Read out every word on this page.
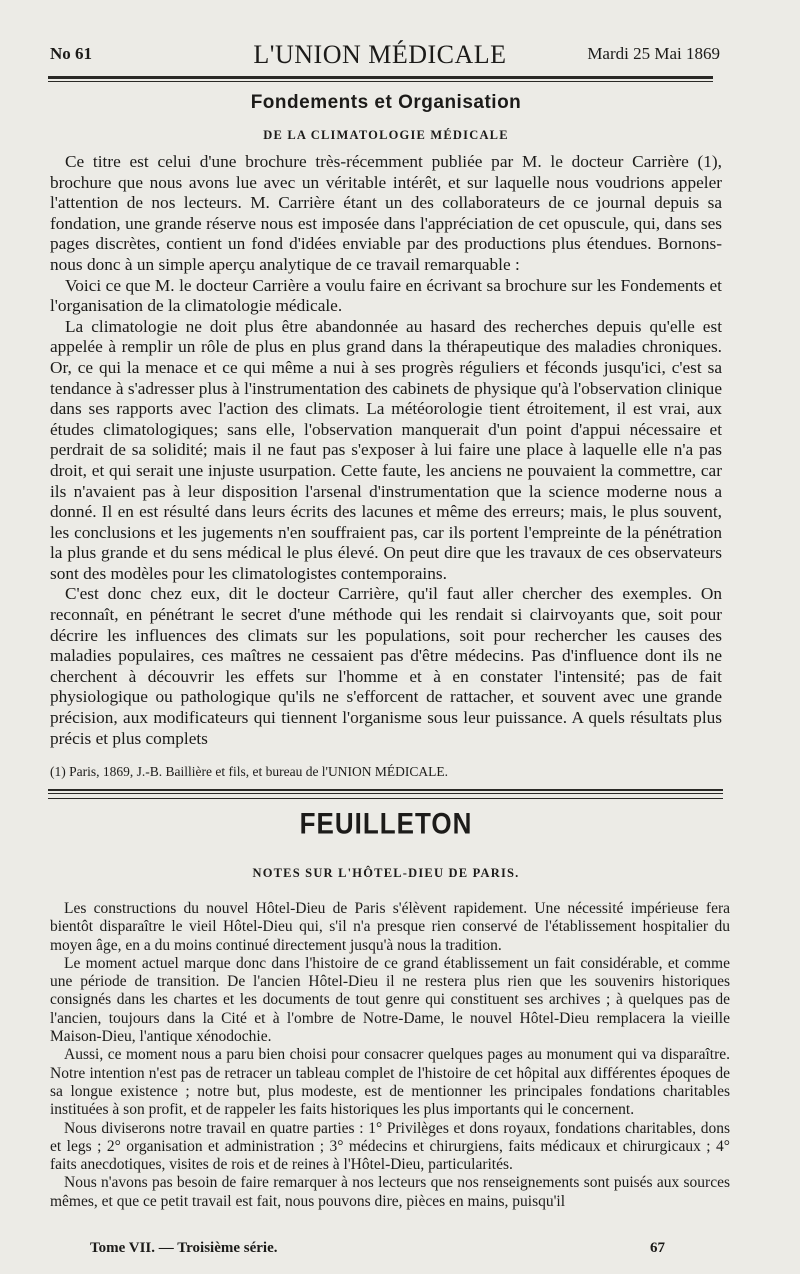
No 61	L'UNION MÉDICALE	Mardi 25 Mai 1869
Fondements et Organisation
DE LA CLIMATOLOGIE MÉDICALE

Ce titre est celui d'une brochure très-récemment publiée par M. le docteur Carrière (1), brochure que nous avons lue avec un véritable intérêt, et sur laquelle nous voudrions appeler l'attention de nos lecteurs. M. Carrière étant un des collaborateurs de ce journal depuis sa fondation, une grande réserve nous est imposée dans l'appréciation de cet opuscule, qui, dans ses pages discrètes, contient un fond d'idées enviable par des productions plus étendues. Bornons-nous donc à un simple aperçu analytique de ce travail remarquable :

Voici ce que M. le docteur Carrière a voulu faire en écrivant sa brochure sur les Fondements et l'organisation de la climatologie médicale.

La climatologie ne doit plus être abandonnée au hasard des recherches depuis qu'elle est appelée à remplir un rôle de plus en plus grand dans la thérapeutique des maladies chroniques. Or, ce qui la menace et ce qui même a nui à ses progrès réguliers et féconds jusqu'ici, c'est sa tendance à s'adresser plus à l'instrumentation des cabinets de physique qu'à l'observation clinique dans ses rapports avec l'action des climats. La météorologie tient étroitement, il est vrai, aux études climatologiques; sans elle, l'observation manquerait d'un point d'appui nécessaire et perdrait de sa solidité; mais il ne faut pas s'exposer à lui faire une place à laquelle elle n'a pas droit, et qui serait une injuste usurpation. Cette faute, les anciens ne pouvaient la commettre, car ils n'avaient pas à leur disposition l'arsenal d'instrumentation que la science moderne nous a donné. Il en est résulté dans leurs écrits des lacunes et même des erreurs; mais, le plus souvent, les conclusions et les jugements n'en souffraient pas, car ils portent l'empreinte de la pénétration la plus grande et du sens médical le plus élevé. On peut dire que les travaux de ces observateurs sont des modèles pour les climatologistes contemporains.

C'est donc chez eux, dit le docteur Carrière, qu'il faut aller chercher des exemples. On reconnaît, en pénétrant le secret d'une méthode qui les rendait si clairvoyants que, soit pour décrire les influences des climats sur les populations, soit pour rechercher les causes des maladies populaires, ces maîtres ne cessaient pas d'être médecins. Pas d'influence dont ils ne cherchent à découvrir les effets sur l'homme et à en constater l'intensité; pas de fait physiologique ou pathologique qu'ils ne s'efforcent de rattacher, et souvent avec une grande précision, aux modificateurs qui tiennent l'organisme sous leur puissance. A quels résultats plus précis et plus complets

(1) Paris, 1869, J.-B. Baillière et fils, et bureau de l'UNION MÉDICALE.
FEUILLETON
NOTES SUR L'HÔTEL-DIEU DE PARIS.

Les constructions du nouvel Hôtel-Dieu de Paris s'élèvent rapidement. Une nécessité impérieuse fera bientôt disparaître le vieil Hôtel-Dieu qui, s'il n'a presque rien conservé de l'établissement hospitalier du moyen âge, en a du moins continué directement jusqu'à nous la tradition.

Le moment actuel marque donc dans l'histoire de ce grand établissement un fait considérable, et comme une période de transition. De l'ancien Hôtel-Dieu il ne restera plus rien que les souvenirs historiques consignés dans les chartes et les documents de tout genre qui constituent ses archives ; à quelques pas de l'ancien, toujours dans la Cité et à l'ombre de Notre-Dame, le nouvel Hôtel-Dieu remplacera la vieille Maison-Dieu, l'antique xénodochie.

Aussi, ce moment nous a paru bien choisi pour consacrer quelques pages au monument qui va disparaître. Notre intention n'est pas de retracer un tableau complet de l'histoire de cet hôpital aux différentes époques de sa longue existence ; notre but, plus modeste, est de mentionner les principales fondations charitables instituées à son profit, et de rappeler les faits historiques les plus importants qui le concernent.

Nous diviserons notre travail en quatre parties : 1° Privilèges et dons royaux, fondations charitables, dons et legs ; 2° organisation et administration ; 3° médecins et chirurgiens, faits médicaux et chirurgicaux ; 4° faits anecdotiques, visites de rois et de reines à l'Hôtel-Dieu, particularités.

Nous n'avons pas besoin de faire remarquer à nos lecteurs que nos renseignements sont puisés aux sources mêmes, et que ce petit travail est fait, nous pouvons dire, pièces en mains, puisqu'il

Tome VII. — Troisième série.	67
